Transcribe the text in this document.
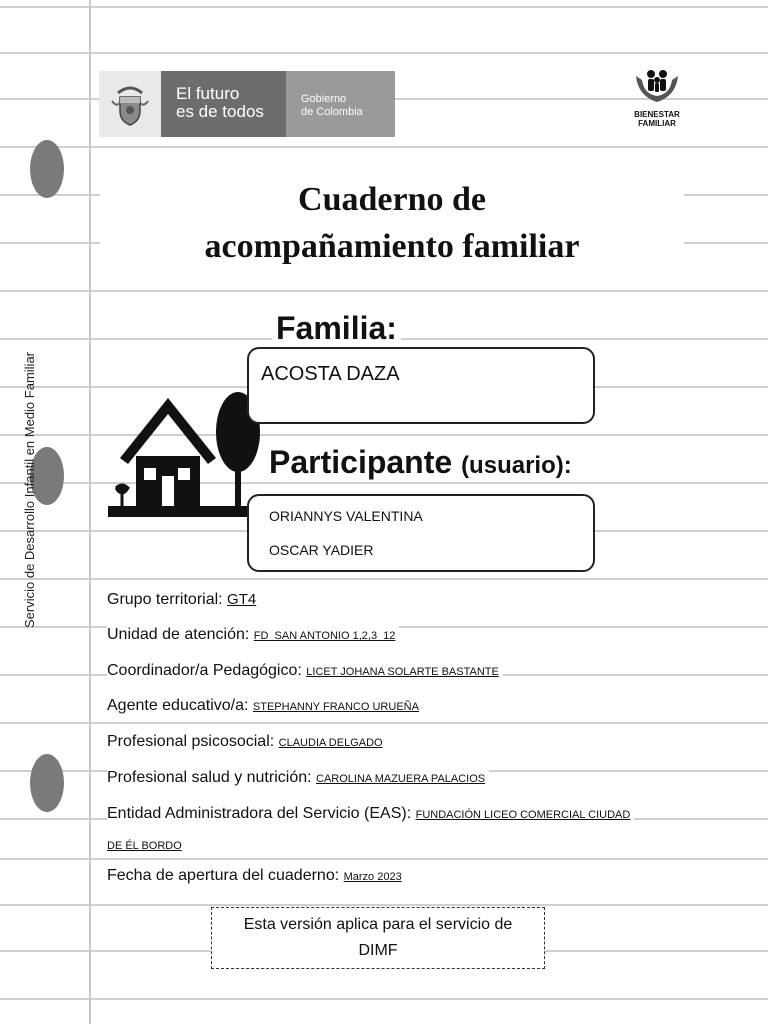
Servicio de Desarrollo Infantil en Medio Familiar
El futuro
es de todos
Gobierno
de Colombia	BIENESTAR
FAMILIAR
Cuaderno de
acompañamiento familiar
Familia:
ACOSTA DAZA
Participante (usuario):
ORIANNYS VALENTINA
OSCAR YADIER
Grupo territorial: GT4
Unidad de atención: FD  SAN ANTONIO 1,2,3  12
Coordinador/a Pedagógico: LICET JOHANA SOLARTE BASTANTE
Agente educativo/a: STEPHANNY FRANCO URUEÑA
Profesional psicosocial: CLAUDIA DELGADO
Profesional salud y nutrición: CAROLINA MAZUERA PALACIOS
Entidad Administradora del Servicio (EAS): FUNDACIÓN LICEO COMERCIAL CIUDAD
DE ÉL BORDO
Fecha de apertura del cuaderno: Marzo 2023
Esta versión aplica para el servicio de
DIMF
